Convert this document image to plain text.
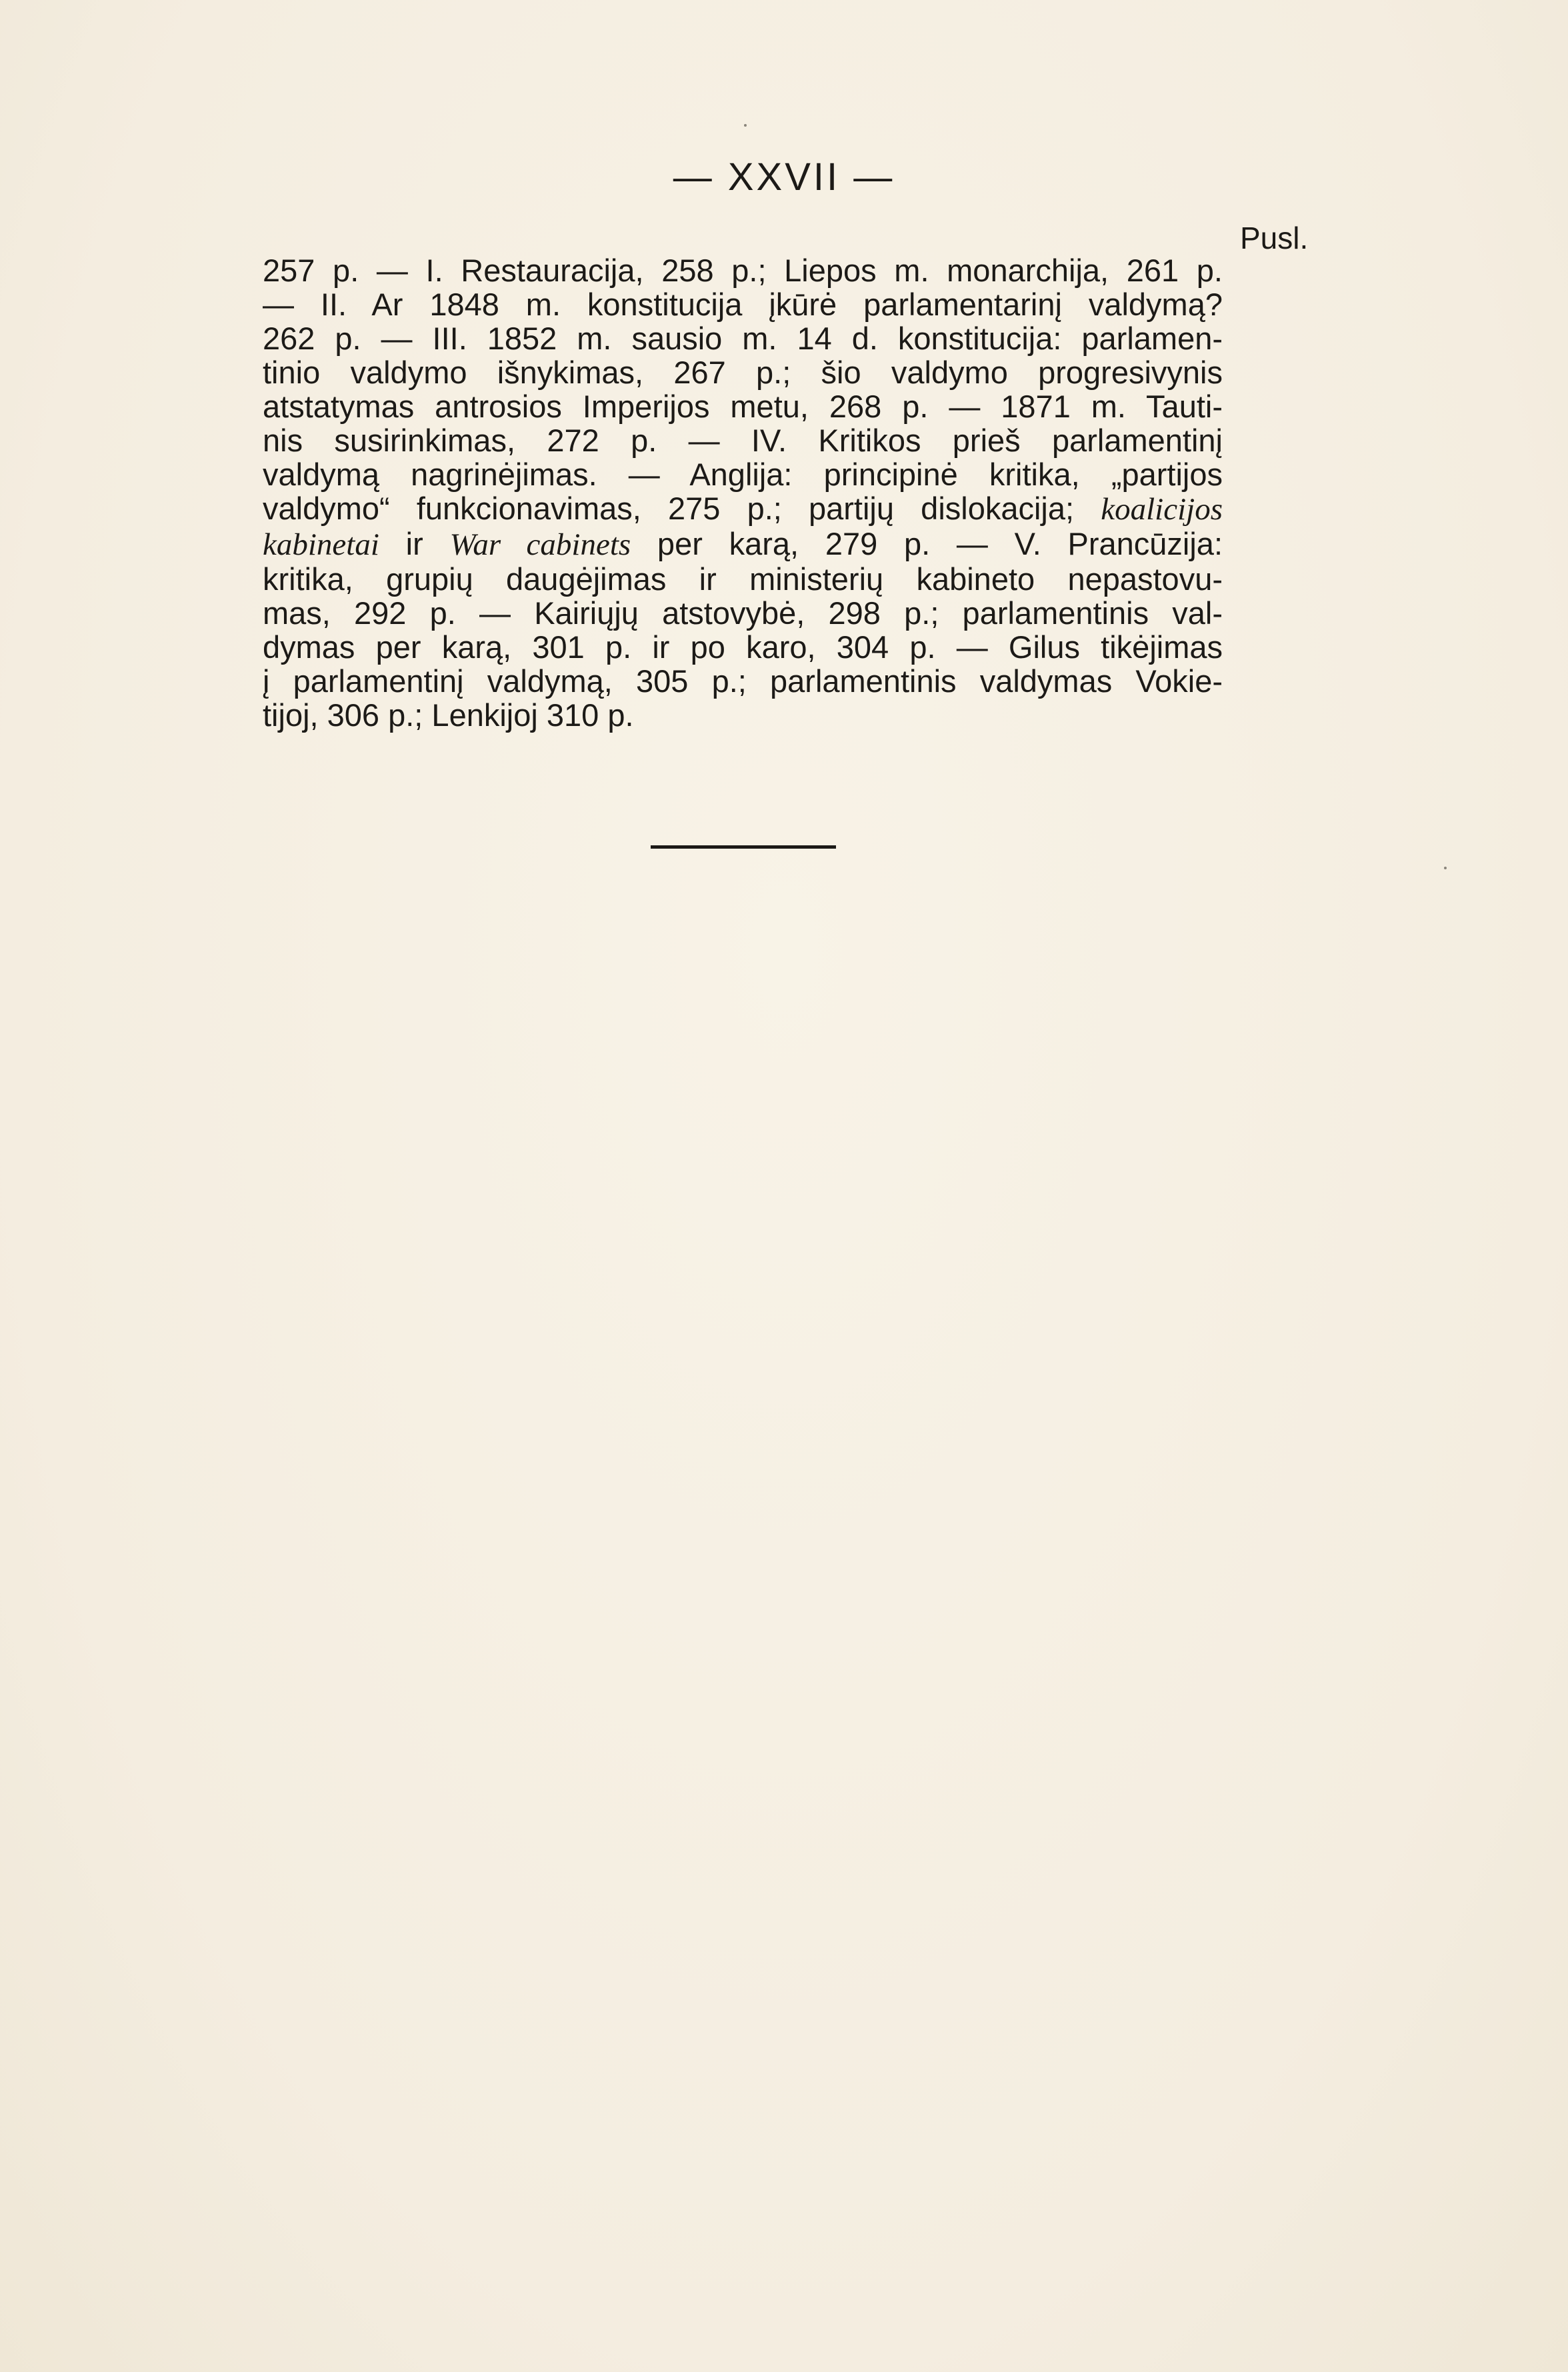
— XXVII —
Pusl.
257 p. — I. Restauracija, 258 p.; Liepos m. monarchija, 261 p.
— II. Ar 1848 m. konstitucija įkūrė parlamentarinį valdymą?
262 p. — III. 1852 m. sausio m. 14 d. konstitucija: parlamen-
tinio valdymo išnykimas, 267 p.; šio valdymo progresivynis
atstatymas antrosios Imperijos metu, 268 p. — 1871 m. Tauti-
nis susirinkimas, 272 p. — IV. Kritikos prieš parlamentinį
valdymą nagrinėjimas. — Anglija: principinė kritika, „partijos
valdymo“ funkcionavimas, 275 p.; partijų dislokacija; koalicijos
kabinetai ir War cabinets per karą, 279 p. — V. Prancūzija:
kritika, grupių daugėjimas ir ministerių kabineto nepastovu-
mas, 292 p. — Kairiųjų atstovybė, 298 p.; parlamentinis val-
dymas per karą, 301 p. ir po karo, 304 p. — Gilus tikėjimas
į parlamentinį valdymą, 305 p.; parlamentinis valdymas Vokie-
tijoj, 306 p.; Lenkijoj 310 p.
